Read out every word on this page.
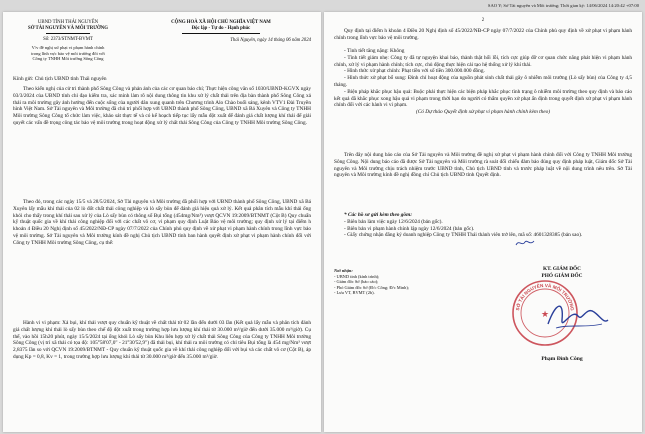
SAO Y; Sở Tài nguyên và Môi trường; Thời gian ký: 14/06/2024 14:20:42 +07:00
UBND TỈNH THÁI NGUYÊN
SỞ TÀI NGUYÊN VÀ MÔI TRƯỜNG
Số: 2373/STNMT-BVMT
V/v đề nghị xử phạt vi phạm hành chính
trong lĩnh vực bảo vệ môi trường đối với
Công ty TNHH Môi trường Sông Công
CỘNG HOÀ XÃ HỘI CHỦ NGHĨA VIỆT NAM
Độc lập - Tự do - Hạnh phúc
Thái Nguyên, ngày 14 tháng 06 năm 2024
Kính gửi: Chủ tịch UBND tỉnh Thái nguyên
Theo kiến nghị của cử tri thành phố Sông Công và phản ánh của các cơ quan báo chí; Thực hiện công văn số 1030/UBND-KGVX ngày 03/3/2024 của UBND tỉnh chỉ đạo kiểm tra, xác minh làm rõ nội dung thông tin khu xử lý chất thải trên địa bàn thành phố Sông Công xả thải ra môi trường gây ảnh hưởng đến cuộc sống của người dân xung quanh trên Chương trình Alo Chào buổi sáng, kênh VTV1 Đài Truyền hình Việt Nam. Sở Tài nguyên và Môi trường đã chủ trì phối hợp với UBND thành phố Sông Công, UBND xã Bá Xuyên và Công ty TNHH Môi trường Sông Công tổ chức làm việc, khảo sát thực tế và có kế hoạch tiếp tục lấy mẫu đột xuất để đánh giá chất lượng khí thải để giải quyết các vấn đề trọng công tác bảo vệ môi trường trong hoạt động xử lý chất thải Sông Công của Công ty TNHH Môi trường Sông Công.
Theo đó, trong các ngày 15/5 và 28/5/2024, Sở Tài nguyên và Môi trường đã phối hợp với UBND thành phố Sông Công, UBND xã Bá Xuyên lấy mẫu khí thải của 02 lò đốt chất thải công nghiệp và lò sấy bùn để đánh giá hiệu quả xử lý. Kết quả phân tích mẫu khí thải ống khói cho thấy trong khí thải sau xử lý của Lò sấy bùn có thông số Bụi tổng (454mg/Nm³) vượt QCVN 19:2009/BTNMT (Cột B) Quy chuẩn kỹ thuật quốc gia về khí thải công nghiệp đối với các chất vô cơ, vi phạm quy định Luật Bảo vệ môi trường; quy định xử lý tại điểm h khoản 4 Điều 20 Nghị định số 45/2022/NĐ-CP ngày 07/7/2022 của Chính phủ quy định về xử phạt vi phạm hành chính trong lĩnh vực bảo vệ môi trường. Sở Tài nguyên và Môi trường kính đề nghị Chủ tịch UBND tỉnh ban hành quyết định xử phạt vi phạm hành chính đối với Công ty TNHH Môi trường Sông Công, cụ thể:
Hành vi vi phạm: Xả bụi, khí thải vượt quy chuẩn kỹ thuật về chất thải từ 02 lần đến dưới 03 lần (Kết quả lấy mẫu và phân tích đánh giá chất lượng khí thải lò sấy bùn theo chế độ đột xuất trong trường hợp lưu lượng khí thải từ 30.000 m³/giờ đến dưới 35.000 m³/giờ). Cụ thể, vào hồi 15h20 phút, ngày 15/5/2024 tại ống khói Lò sấy bùn Khu liên hợp xử lý chất thải Sông Công của Công ty TNHH Môi trường Sông Công (vị trí xã thải có tọa độ: 105°58'07,0" - 21°30'52,9") đã thải bụi, khí thải ra môi trường có chỉ tiêu Bụi tổng là 454 mg/Nm³ vượt 2,8375 lần so với QCVN 19:2009/BTNMT - Quy chuẩn kỹ thuật quốc gia về khí thải công nghiệp đối với bụi và các chất vô cơ (Cột B), áp dụng Kp = 0,8, Kv = 1, trong trường hợp lưu lượng khí thải từ 30.000 m³/giờ đến 35.000 m³/giờ.
2
Quy định tại điểm h khoản 4 Điều 20 Nghị định số 45/2022/NĐ-CP ngày 07/7/2022 của Chính phủ quy định về xử phạt vi phạm hành chính trong lĩnh vực bảo vệ môi trường.
- Tình tiết tăng nặng: Không
- Tình tiết giảm nhẹ: Công ty đã tự nguyện khai báo, thành thật hối lỗi, tích cực giúp đỡ cơ quan chức năng phát hiện vi phạm hành chính, xử lý vi phạm hành chính; tích cực, chủ động thực hiện cải tạo hệ thống xử lý khí thải.
- Hình thức xử phạt chính: Phạt tiền với số tiền 300.000.000 đồng.
- Hình thức xử phạt bổ sung: Đình chỉ hoạt động của nguồn phát sinh chất thải gây ô nhiễm môi trường (Lò sấy bùn) của Công ty 4,5 tháng.
- Biện pháp khắc phục hậu quả: Buộc phải thực hiện các biện pháp khắc phục tình trạng ô nhiễm môi trường theo quy định và báo cáo kết quả đã khắc phục xong hậu quả vi phạm trong thời hạn do người có thẩm quyền xử phạt ấn định trong quyết định xử phạt vi phạm hành chính đối với các hành vi vi phạm.
(Có Dự thảo Quyết định xử phạt vi phạm hành chính kèm theo)
Trên đây nội dung báo cáo của Sở Tài nguyên và Môi trường đề nghị xử phạt vi phạm hành chính đối với Công ty TNHH Môi trường Sông Công. Nội dung báo cáo đã được Sở Tài nguyên và Môi trường rà soát đối chiếu đảm bảo đúng quy định pháp luật, Giám đốc Sở Tài nguyên và Môi trường chịu trách nhiệm trước UBND tỉnh, Chủ tịch UBND tỉnh và trước pháp luật về nội dung trình nêu trên. Sở Tài nguyên và Môi trường kính đề nghị đồng chí Chủ tịch UBND tỉnh Quyết định.
* Các hồ sơ gửi kèm theo gồm:
- Biên bản làm việc ngày 12/6/2024 (bản gốc).
- Biên bản vi phạm hành chính lập ngày 12/6/2024 (bản gốc).
- Giấy chứng nhận đăng ký doanh nghiệp Công ty TNHH Thái thành viên trở lên, mã số: 4601328385 (bản sao).
Nơi nhận:
- UBND tỉnh (kính trình);
- Giám đốc Sở (báo cáo);
- Phó Giám đốc Sở (Đ/c Công; Đ/c Minh);
- Lưu VT, BVMT (2b).
KT. GIÁM ĐỐC
PHÓ GIÁM ĐỐC
SỞ TÀI NGUYÊN VÀ MÔI TRƯỜNG
★
Phạm Đình Công
